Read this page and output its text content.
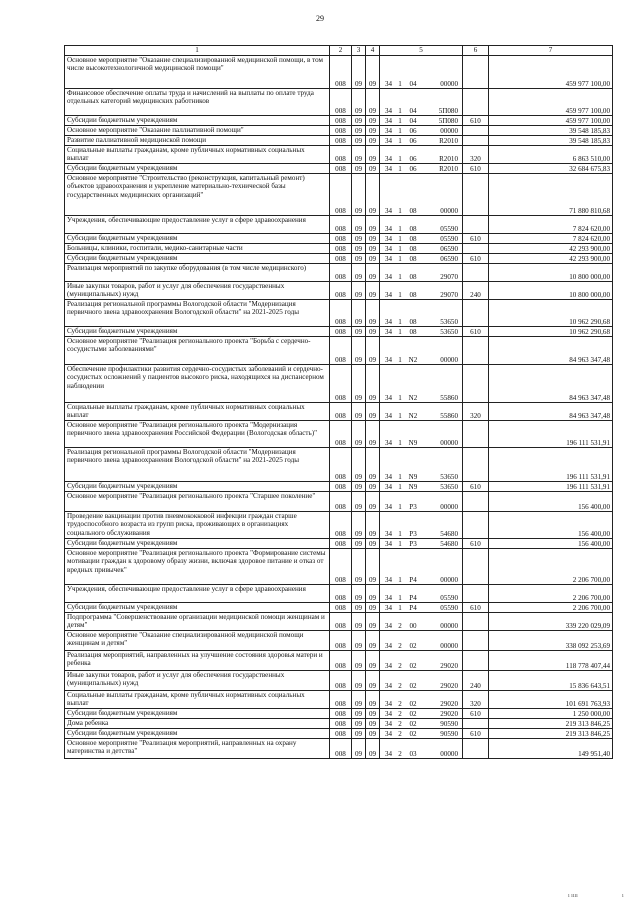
29
1	2	3	4	5	6	7
Основное мероприятие "Оказание специализированной медицинской помощи, в том числе высокотехнологичной медицинской помощи"	008	09	09	34 1 04 00000		459 977 100,00
Финансовое обеспечение оплаты труда и начислений на выплаты по оплате труда отдельных категорий медицинских работников	008	09	09	34 1 04 5П080		459 977 100,00
Субсидии бюджетным учреждениям	008	09	09	34 1 04 5П080	610	459 977 100,00
Основное мероприятие "Оказание паллиативной помощи"	008	09	09	34 1 06 00000		39 548 185,83
Развитие паллиативной медицинской помощи	008	09	09	34 1 06 R2010		39 548 185,83
Социальные выплаты гражданам, кроме публичных нормативных социальных выплат	008	09	09	34 1 06 R2010	320	6 863 510,00
Субсидии бюджетным учреждениям	008	09	09	34 1 06 R2010	610	32 684 675,83
Основное мероприятие "Строительство (реконструкция, капитальный ремонт) объектов здравоохранения и укрепление материально-технической базы государственных медицинских организаций"	008	09	09	34 1 08 00000		71 880 810,68
Учреждения, обеспечивающие предоставление услуг в сфере здравоохранения	008	09	09	34 1 08 05590		7 824 620,00
Субсидии бюджетным учреждениям	008	09	09	34 1 08 05590	610	7 824 620,00
Больницы, клиники, госпитали, медико-санитарные части	008	09	09	34 1 08 06590		42 293 900,00
Субсидии бюджетным учреждениям	008	09	09	34 1 08 06590	610	42 293 900,00
Реализация мероприятий по закупке оборудования (в том числе медицинского)	008	09	09	34 1 08 29070		10 800 000,00
Иные закупки товаров, работ и услуг для обеспечения государственных (муниципальных) нужд	008	09	09	34 1 08 29070	240	10 800 000,00
Реализация региональной программы Вологодской области "Модернизация первичного звена здравоохранения Вологодской области" на 2021-2025 годы	008	09	09	34 1 08 53650		10 962 290,68
Субсидии бюджетным учреждениям	008	09	09	34 1 08 53650	610	10 962 290,68
Основное мероприятие "Реализация регионального проекта "Борьба с сердечно-сосудистыми заболеваниями"	008	09	09	34 1 N2 00000		84 963 347,48
Обеспечение профилактики развития сердечно-сосудистых заболеваний и сердечно-сосудистых осложнений у пациентов высокого риска, находящихся на диспансерном наблюдении	008	09	09	34 1 N2 55860		84 963 347,48
Социальные выплаты гражданам, кроме публичных нормативных социальных выплат	008	09	09	34 1 N2 55860	320	84 963 347,48
Основное мероприятие "Реализация регионального проекта "Модернизация первичного звена здравоохранения Российской Федерации (Вологодская область)"	008	09	09	34 1 N9 00000		196 111 531,91
Реализация региональной программы Вологодской области "Модернизация первичного звена здравоохранения Вологодской области" на 2021-2025 годы	008	09	09	34 1 N9 53650		196 111 531,91
Субсидии бюджетным учреждениям	008	09	09	34 1 N9 53650	610	196 111 531,91
Основное мероприятие "Реализация регионального проекта "Старшее поколение"	008	09	09	34 1 P3 00000		156 400,00
Проведение вакцинации против пневмококковой инфекции граждан старше трудоспособного возраста из групп риска, проживающих в организациях социального обслуживания	008	09	09	34 1 P3 54680		156 400,00
Субсидии бюджетным учреждениям	008	09	09	34 1 P3 54680	610	156 400,00
Основное мероприятие "Реализация регионального проекта "Формирование системы мотивации граждан к здоровому образу жизни, включая здоровое питание и отказ от вредных привычек"	008	09	09	34 1 P4 00000		2 206 700,00
Учреждения, обеспечивающие предоставление услуг в сфере здравоохранения	008	09	09	34 1 P4 05590		2 206 700,00
Субсидии бюджетным учреждениям	008	09	09	34 1 P4 05590	610	2 206 700,00
Подпрограмма "Совершенствование организации медицинской помощи женщинам и детям"	008	09	09	34 2 00 00000		339 220 029,09
Основное мероприятие "Оказание специализированной медицинской помощи женщинам и детям"	008	09	09	34 2 02 00000		338 092 253,69
Реализация мероприятий, направленных на улучшение состояния здоровья матери и ребенка	008	09	09	34 2 02 29020		118 778 407,44
Иные закупки товаров, работ и услуг для обеспечения государственных (муниципальных) нужд	008	09	09	34 2 02 29020	240	15 836 643,51
Социальные выплаты гражданам, кроме публичных нормативных социальных выплат	008	09	09	34 2 02 29020	320	101 691 763,93
Субсидии бюджетным учреждениям	008	09	09	34 2 02 29020	610	1 250 000,00
Дома ребенка	008	09	09	34 2 02 90590		219 313 846,25
Субсидии бюджетным учреждениям	008	09	09	34 2 02 90590	610	219 313 846,25
Основное мероприятие "Реализация мероприятий, направленных на охрану материнства и детства"	008	09	09	34 2 03 00000		149 951,40
ı ıııı	ı
